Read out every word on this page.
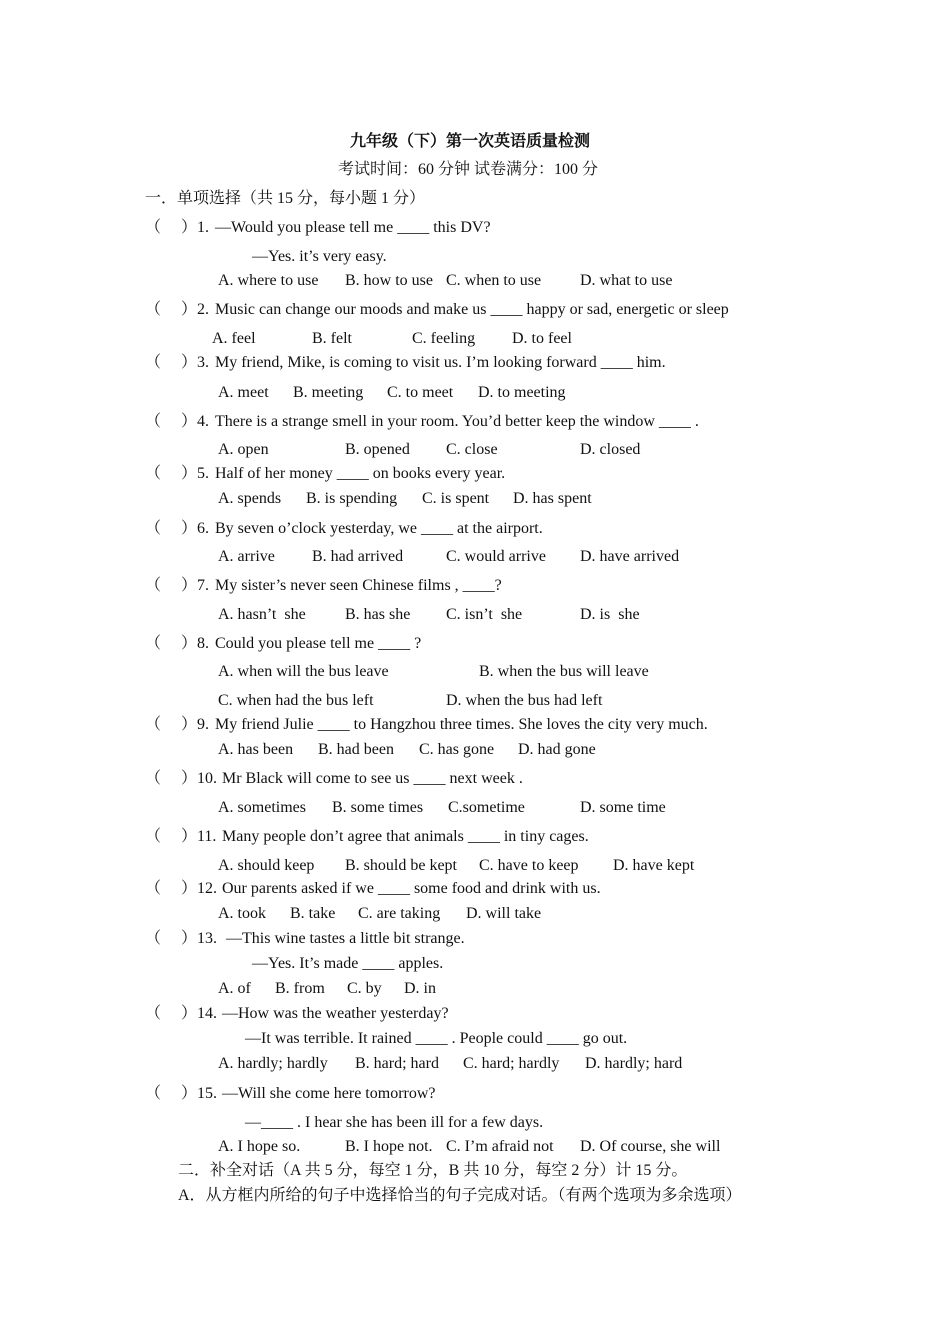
九年级（下）第一次英语质量检测
考试时间：60 分钟 试卷满分：100 分
一．单项选择（共 15 分，每小题 1 分）
（　 ）1. —Would you please tell me ____ this DV?
—Yes. it’s very easy.
A. where to use B. how to use C. when to use D. what to use
（　 ）2. Music can change our moods and make us ____ happy or sad, energetic or sleep
A. feel	B. felt	C. feeling D. to feel
（　 ）3. My friend, Mike, is coming to visit us. I’m looking forward ____ him.
A. meet B. meeting C. to meet D. to meeting
（　 ）4. There is a strange smell in your room. You’d better keep the window ____ .
A. open	B. opened C. close	D. closed
（　 ）5. Half of her money ____ on books every year.
A. spends B. is spending C. is spent D. has spent
（　 ）6. By seven o’clock yesterday, we ____ at the airport.
A. arrive B. had arrived	C. would arrive D. have arrived
（　 ）7. My sister’s never seen Chinese films , ____?
A. hasn’t  she B. has she C. isn’t  she	D. is  she
（　 ）8. Could you please tell me ____ ?
A. when will the bus leave	B. when the bus will leave
C. when had the bus left	D. when the bus had left
（　 ）9. My friend Julie ____ to Hangzhou three times. She loves the city very much.
A. has been B. had been C. has gone D. had gone
（　 ）10. Mr Black will come to see us ____ next week .
A. sometimes B. some times C.sometime	D. some time
（　 ）11. Many people don’t agree that animals ____ in tiny cages.
A. should keep B. should be kept C. have to keep D. have kept
（　 ）12. Our parents asked if we ____ some food and drink with us.
A. took B. take C. are taking D. will take
（　 ）13. —This wine tastes a little bit strange.
—Yes. It’s made ____ apples.
A. of B. from C. by D. in
（　 ）14. —How was the weather yesterday?
—It was terrible. It rained ____ . People could ____ go out.
A. hardly; hardly B. hard; hard C. hard; hardly D. hardly; hard
（　 ）15. —Will she come here tomorrow?
—____ . I hear she has been ill for a few days.
A. I hope so.	B. I hope not. C. I’m afraid not D. Of course, she will
二．补全对话（A 共 5 分，每空 1 分，B 共 10 分，每空 2 分）计 15 分。
A．从方框内所给的句子中选择恰当的句子完成对话。（有两个选项为多余选项）
